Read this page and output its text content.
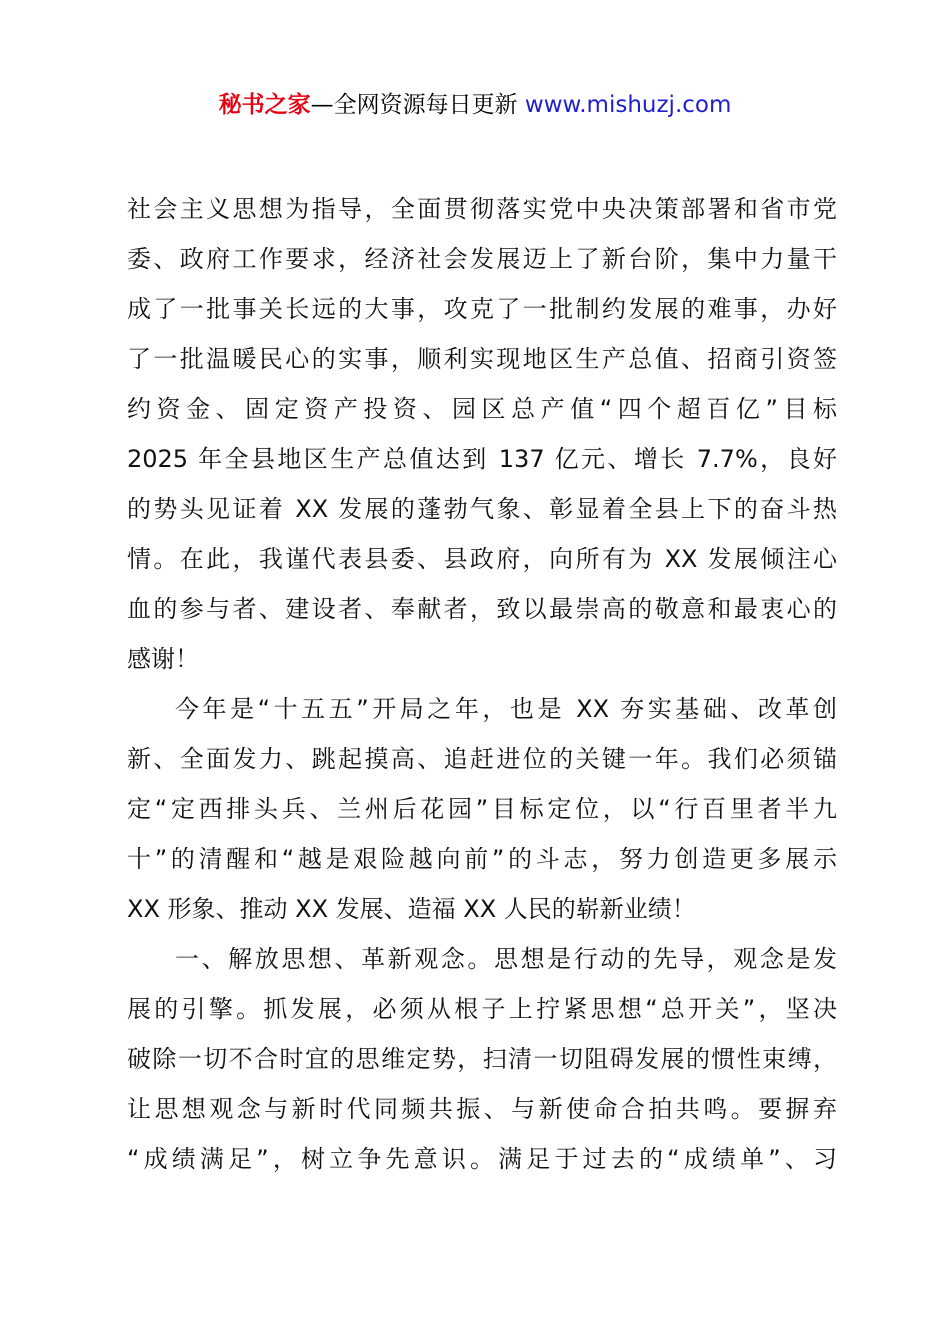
秘书之家—全网资源每日更新 www.mishuzj.com
社会主义思想为指导，全面贯彻落实党中央决策部署和省市党
委、政府工作要求，经济社会发展迈上了新台阶，集中力量干
成了一批事关长远的大事，攻克了一批制约发展的难事，办好
了一批温暖民心的实事，顺利实现地区生产总值、招商引资签
约资金、固定资产投资、园区总产值“四个超百亿”目标
2025 年全县地区生产总值达到 137 亿元、增长 7.7%，良好
的势头见证着 XX 发展的蓬勃气象、彰显着全县上下的奋斗热
情。在此，我谨代表县委、县政府，向所有为 XX 发展倾注心
血的参与者、建设者、奉献者，致以最崇高的敬意和最衷心的
感谢！
今年是“十五五”开局之年，也是 XX 夯实基础、改革创
新、全面发力、跳起摸高、追赶进位的关键一年。我们必须锚
定“定西排头兵、兰州后花园”目标定位，以“行百里者半九
十”的清醒和“越是艰险越向前”的斗志，努力创造更多展示
XX 形象、推动 XX 发展、造福 XX 人民的崭新业绩！
一、解放思想、革新观念。思想是行动的先导，观念是发
展的引擎。抓发展，必须从根子上拧紧思想“总开关”，坚决
破除一切不合时宜的思维定势，扫清一切阻碍发展的惯性束缚，
让思想观念与新时代同频共振、与新使命合拍共鸣。要摒弃
“成绩满足”，树立争先意识。满足于过去的“成绩单”、习
